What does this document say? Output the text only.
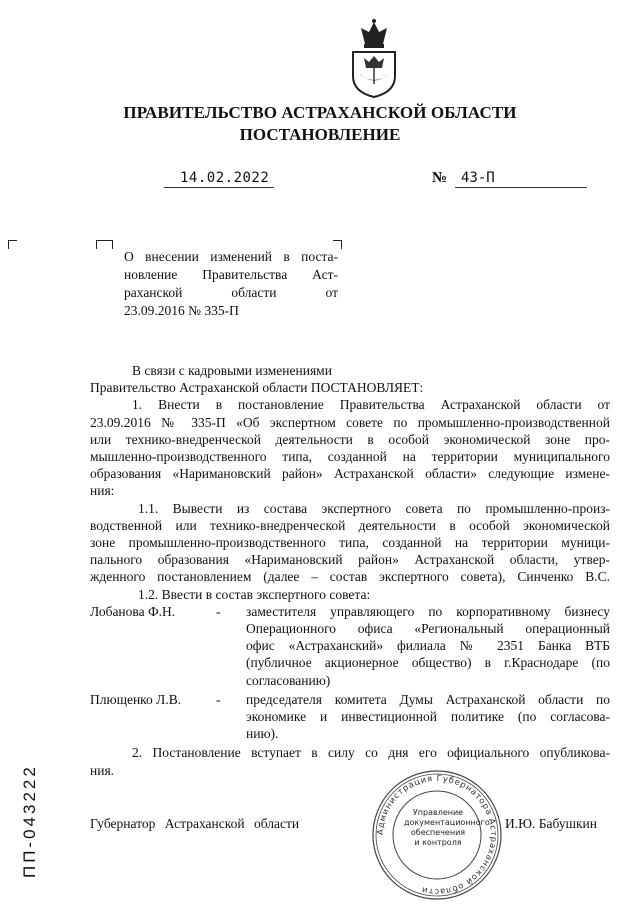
ПРАВИТЕЛЬСТВО АСТРАХАНСКОЙ ОБЛАСТИ
ПОСТАНОВЛЕНИЕ
14.02.2022	№ 43-П
О внесении изменений в поста-
новление Правительства Аст-
раханской области от
23.09.2016 № 335-П
В связи с кадровыми изменениями
Правительство Астраханской области ПОСТАНОВЛЯЕТ:
1. Внести в постановление Правительства Астраханской области от
23.09.2016 № 335-П «Об экспертном совете по промышленно-производственной
или технико-внедренческой деятельности в особой экономической зоне про-
мышленно-производственного типа, созданной на территории муниципального
образования «Наримановский район» Астраханской области» следующие измене-
ния:
1.1. Вывести из состава экспертного совета по промышленно-произ-
водственной или технико-внедренческой деятельности в особой экономической
зоне промышленно-производственного типа, созданной на территории муници-
пального образования «Наримановский район» Астраханской области, утвер-
жденного постановлением (далее – состав экспертного совета), Синченко В.С.
1.2. Ввести в состав экспертного совета:
Лобанова Ф.Н.	-	заместителя управляющего по корпоративному бизнесу
Операционного офиса «Региональный операционный
офис «Астраханский» филиала № 2351 Банка ВТБ
(публичное акционерное общество) в г.Краснодаре (по
согласованию)
Плющенко Л.В.	-	председателя комитета Думы Астраханской области по
экономике и инвестиционной политике (по согласова-
нию).
2. Постановление вступает в силу со дня его официального опубликова-
ния.
Администрация Губернатора Астраханской области
Управление
документационного
обеспечения
и контроля
Губернатор Астраханской области	И.Ю. Бабушкин
ПП-043222
